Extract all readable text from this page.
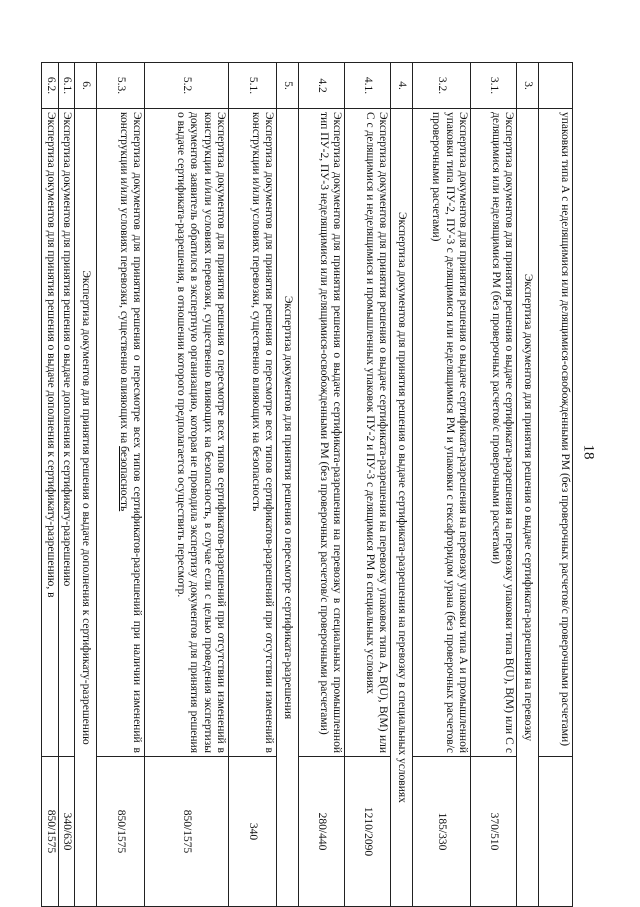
18
	упаковки типа А с неделящимися или делящимися-освобожденными РМ (без проверочных расчетов/с проверочными расчетами)	
3.	Экспертиза документов для принятия решения о выдаче сертификата-разрешения на перевозку	
3.1.	Экспертиза документов для принятия решения о выдаче сертификата-разрешения на перевозку упаковки типа B(U), B(M) или С с делящимися или неделящимися РМ (без проверочных расчетов/с проверочными расчетами)	370/510
3.2.	Экспертиза документов для принятия решения о выдаче сертификата-разрешения на перевозку упаковки типа А и промышленной упаковки типа ПУ-2, ПУ-3 с делящимися или неделящимися РМ и упаковки с гексафторидом урана (без проверочных расчетов/с проверочными расчетами)	185/330
4.	Экспертиза документов для принятия решения о выдаче сертификата-разрешения на перевозку в специальных условиях	
4.1.	Экспертиза документов для принятия решения о выдаче сертификата-разрешения на перевозку упаковок типа А, B(U), B(M) или С с делящимися и неделящимися и промышленных упаковок ПУ-2 и ПУ-3 с делящимися РМ в специальных условиях	1210/2090
4.2	Экспертиза документов для принятия решения о выдаче сертификата-разрешения на перевозку в специальных промышленной тип ПУ-2, ПУ-3 неделящимися или делящимися-освобожденными РМ (без проверочных расчетов/с проверочными расчетами)	280/440
5.	Экспертиза документов для принятия решения о пересмотре сертификата-разрешения	
5.1.	Экспертиза документов для принятия решения о пересмотре всех типов сертификатов-разрешений при отсутствии изменений в конструкции и/или условиях перевозки, существенно влияющих на безопасность	340
5.2.	Экспертиза документов для принятия решения о пересмотре всех типов сертификатов-разрешений при отсутствии изменений в конструкции и/или условиях перевозки, существенно влияющих на безопасность, в случае если с целью проведения экспертизы документов заявитель обратился в экспертную организацию, которая не проводила экспертизу документов для принятия решения о выдаче сертификата-разрешения, в отношении которого предполагается осуществить пересмотр.	850/1575
5.3.	Экспертиза документов для принятия решения о пересмотре всех типов сертификатов-разрешений при наличии изменений в конструкции и/или условиях перевозки, существенно влияющих на безопасность	850/1575
6.	Экспертиза документов для принятия решения о выдаче дополнения к сертификату-разрешению	
6.1.	Экспертиза документов для принятия решения о выдаче дополнения к сертификату-разрешению	340/630
6.2.	Экспертиза документов для принятия решения о выдаче дополнения к сертификату-разрешению, в	850/1575
